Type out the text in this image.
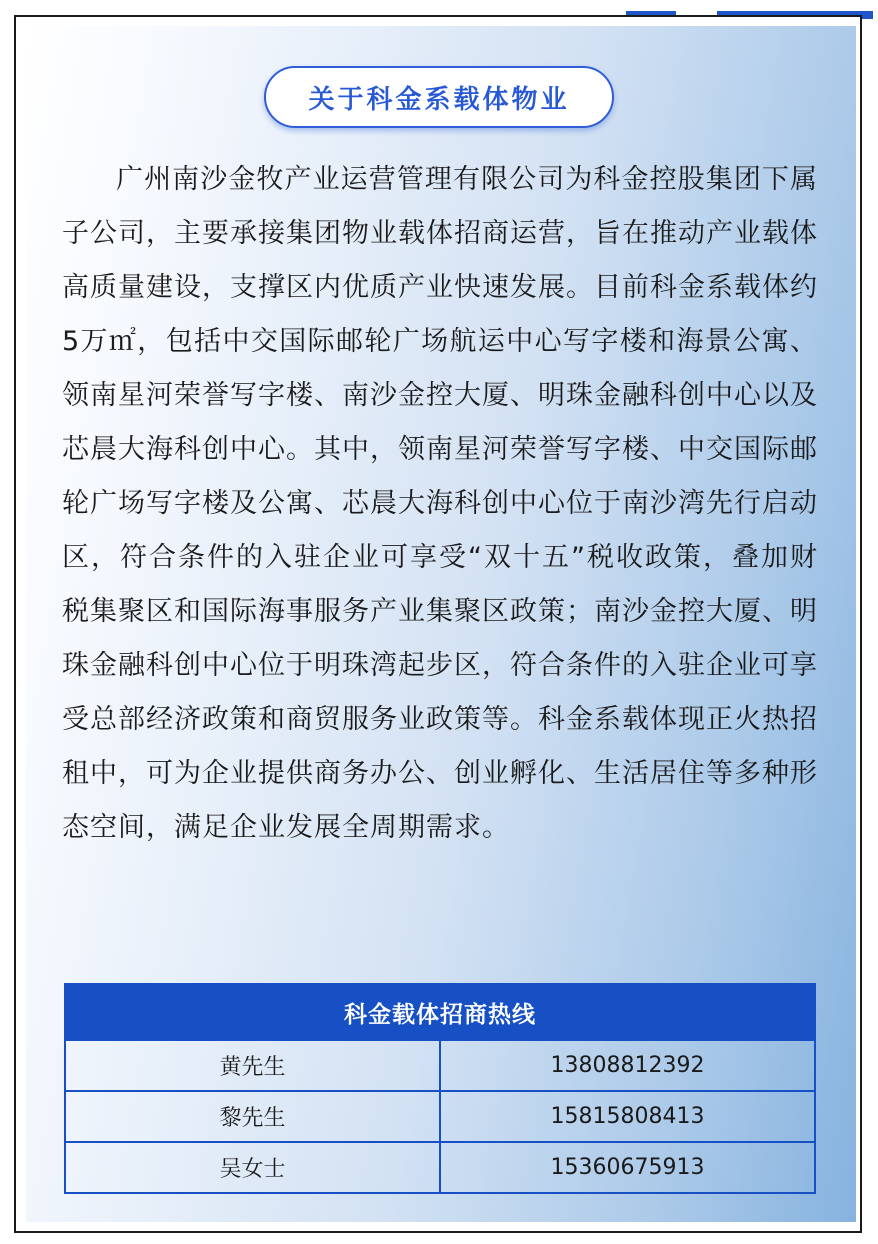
关于科金系载体物业

广州南沙金牧产业运营管理有限公司为科金控股集团下属子公司，主要承接集团物业载体招商运营，旨在推动产业载体高质量建设，支撑区内优质产业快速发展。目前科金系载体约5万㎡，包括中交国际邮轮广场航运中心写字楼和海景公寓、领南星河荣誉写字楼、南沙金控大厦、明珠金融科创中心以及芯晨大海科创中心。其中，领南星河荣誉写字楼、中交国际邮轮广场写字楼及公寓、芯晨大海科创中心位于南沙湾先行启动区，符合条件的入驻企业可享受“双十五”税收政策，叠加财税集聚区和国际海事服务产业集聚区政策；南沙金控大厦、明珠金融科创中心位于明珠湾起步区，符合条件的入驻企业可享受总部经济政策和商贸服务业政策等。科金系载体现正火热招租中，可为企业提供商务办公、创业孵化、生活居住等多种形态空间，满足企业发展全周期需求。

科金载体招商热线	
黄先生	13808812392
黎先生	15815808413
吴女士	15360675913
